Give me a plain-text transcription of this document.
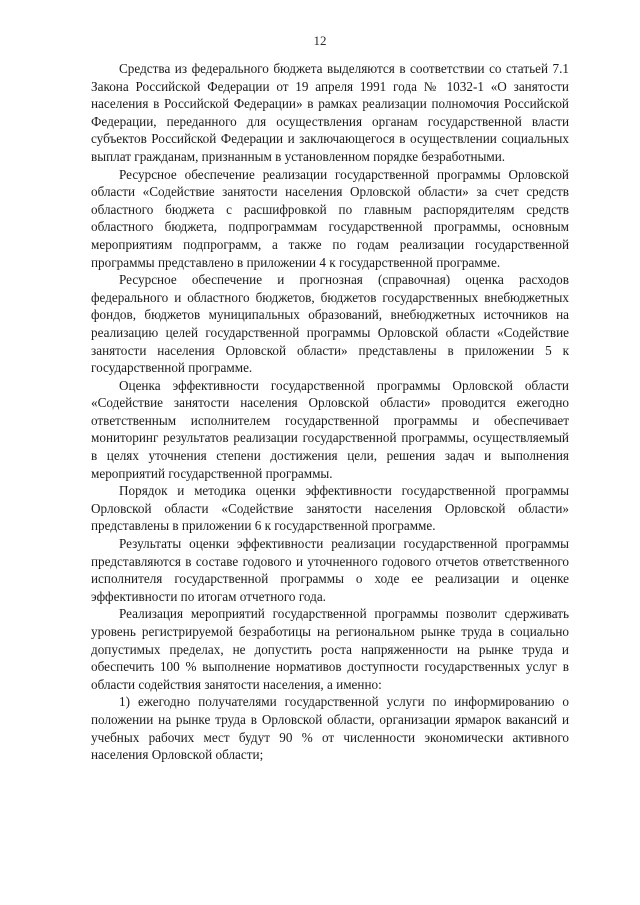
12

Средства из федерального бюджета выделяются в соответствии со статьей 7.1 Закона Российской Федерации от 19 апреля 1991 года № 1032-1 «О занятости населения в Российской Федерации» в рамках реализации полномочия Российской Федерации, переданного для осуществления органам государственной власти субъектов Российской Федерации и заключающегося в осуществлении социальных выплат гражданам, признанным в установленном порядке безработными.

Ресурсное обеспечение реализации государственной программы Орловской области «Содействие занятости населения Орловской области» за счет средств областного бюджета с расшифровкой по главным распорядителям средств областного бюджета, подпрограммам государственной программы, основным мероприятиям подпрограмм, а также по годам реализации государственной программы представлено в приложении 4 к государственной программе.

Ресурсное обеспечение и прогнозная (справочная) оценка расходов федерального и областного бюджетов, бюджетов государственных внебюджетных фондов, бюджетов муниципальных образований, внебюджетных источников на реализацию целей государственной программы Орловской области «Содействие занятости населения Орловской области» представлены в приложении 5 к государственной программе.

Оценка эффективности государственной программы Орловской области «Содействие занятости населения Орловской области» проводится ежегодно ответственным исполнителем государственной программы и обеспечивает мониторинг результатов реализации государственной программы, осуществляемый в целях уточнения степени достижения цели, решения задач и выполнения мероприятий государственной программы.

Порядок и методика оценки эффективности государственной программы Орловской области «Содействие занятости населения Орловской области» представлены в приложении 6 к государственной программе.

Результаты оценки эффективности реализации государственной программы представляются в составе годового и уточненного годового отчетов ответственного исполнителя государственной программы о ходе ее реализации и оценке эффективности по итогам отчетного года.

Реализация мероприятий государственной программы позволит сдерживать уровень регистрируемой безработицы на региональном рынке труда в социально допустимых пределах, не допустить роста напряженности на рынке труда и обеспечить 100 % выполнение нормативов доступности государственных услуг в области содействия занятости населения, а именно:

1) ежегодно получателями государственной услуги по информированию о положении на рынке труда в Орловской области, организации ярмарок вакансий и учебных рабочих мест будут 90 % от численности экономически активного населения Орловской области;
